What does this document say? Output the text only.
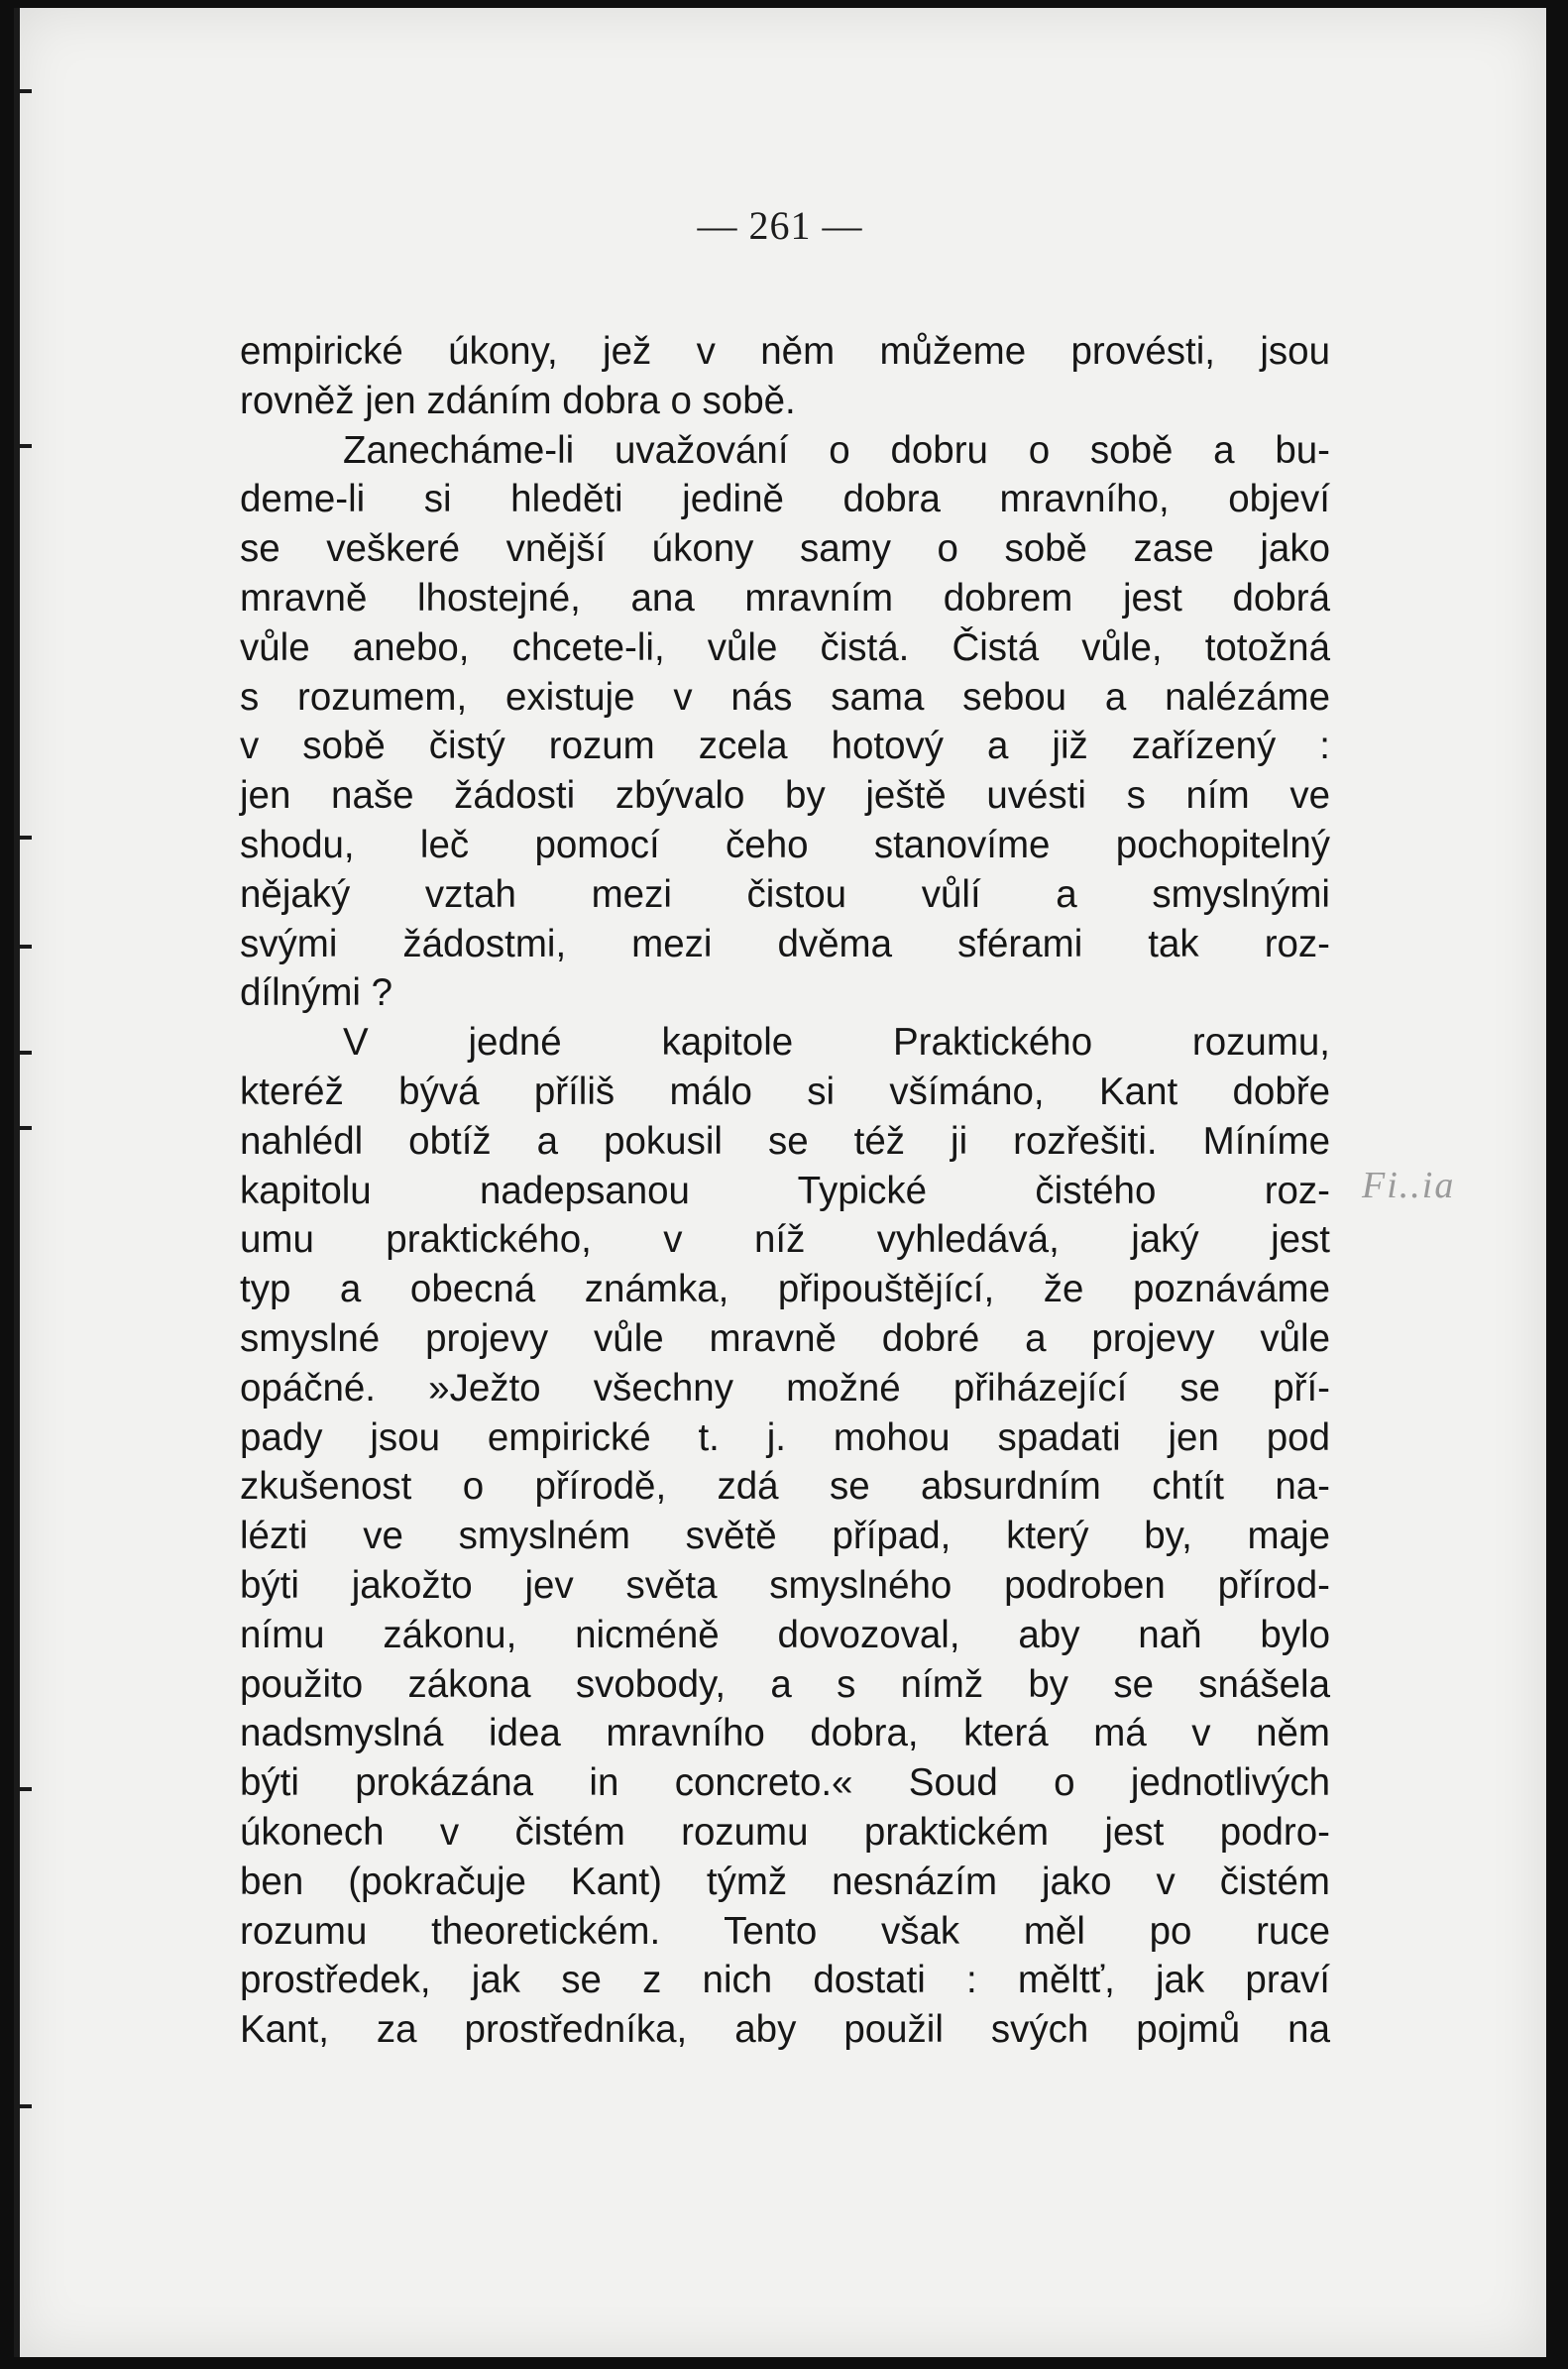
— 261 —
empirické úkony, jež v něm můžeme provésti, jsou
rovněž jen zdáním dobra o sobě.
Zanecháme-li uvažování o dobru o sobě a bu-
deme-li si hleděti jedině dobra mravního, objeví
se veškeré vnější úkony samy o sobě zase jako
mravně lhostejné, ana mravním dobrem jest dobrá
vůle anebo, chcete-li, vůle čistá. Čistá vůle, totožná
s rozumem, existuje v nás sama sebou a nalézáme
v sobě čistý rozum zcela hotový a již zařízený :
jen naše žádosti zbývalo by ještě uvésti s ním ve
shodu, leč pomocí čeho stanovíme pochopitelný
nějaký vztah mezi čistou vůlí a smyslnými
svými žádostmi, mezi dvěma sférami tak roz-
dílnými ?
V jedné kapitole Praktického rozumu,
kteréž bývá příliš málo si všímáno, Kant dobře
nahlédl obtíž a pokusil se též ji rozřešiti. Míníme
kapitolu nadepsanou Typické čistého roz-
umu praktického, v níž vyhledává, jaký jest
typ a obecná známka, připouštějící, že poznáváme
smyslné projevy vůle mravně dobré a projevy vůle
opáčné. »Ježto všechny možné přiházející se pří-
pady jsou empirické t. j. mohou spadati jen pod
zkušenost o přírodě, zdá se absurdním chtít na-
lézti ve smyslném světě případ, který by, maje
býti jakožto jev světa smyslného podroben přírod-
nímu zákonu, nicméně dovozoval, aby naň bylo
použito zákona svobody, a s nímž by se snášela
nadsmyslná idea mravního dobra, která má v něm
býti prokázána in concreto.« Soud o jednotlivých
úkonech v čistém rozumu praktickém jest podro-
ben (pokračuje Kant) týmž nesnázím jako v čistém
rozumu theoretickém. Tento však měl po ruce
prostředek, jak se z nich dostati : měltť, jak praví
Kant, za prostředníka, aby použil svých pojmů na
Fi..ia
